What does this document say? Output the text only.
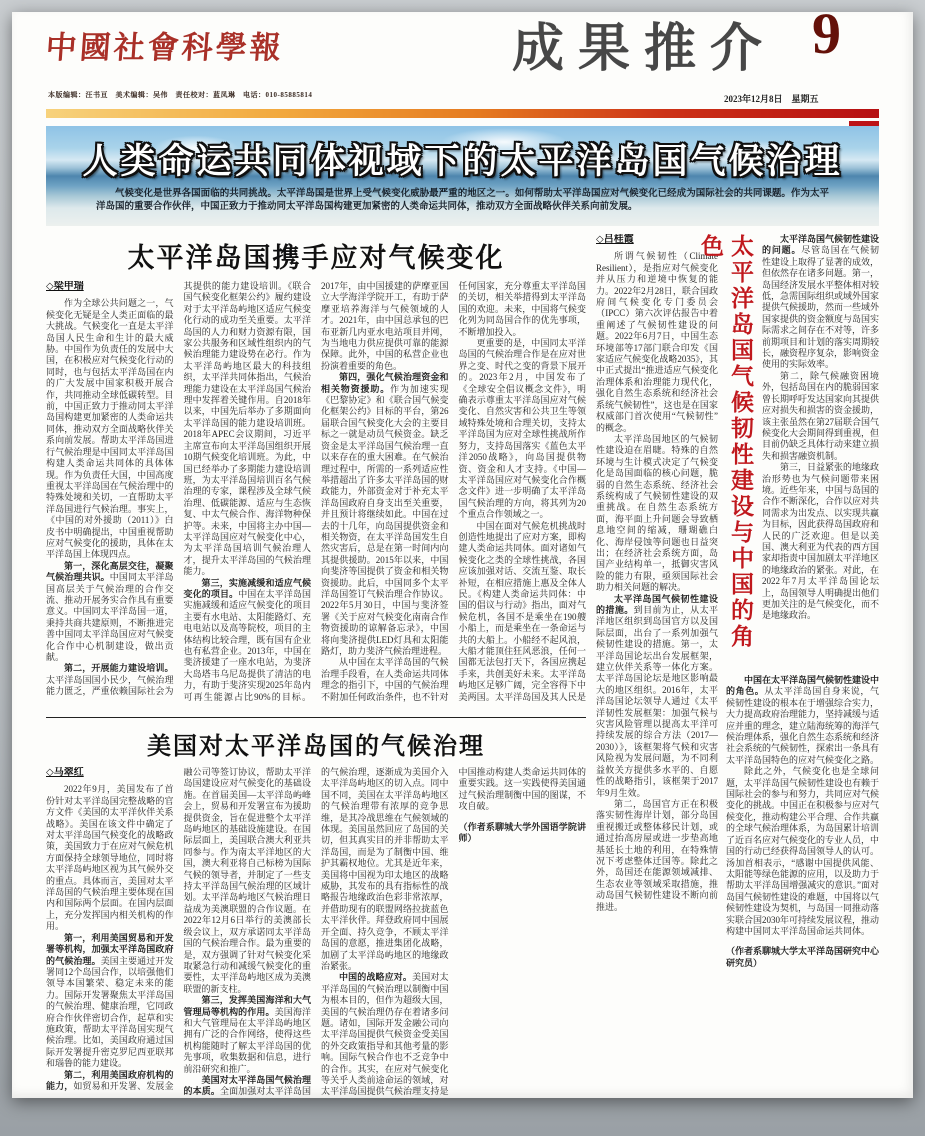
中國社會科學報
本版编辑：汪书亘　美术编辑：吴伟　责任校对：蓝凤琳　电话：010-85885814
成果推介 9
2023年12月8日　星期五
人类命运共同体视域下的太平洋岛国气候治理

气候变化是世界各国面临的共同挑战。太平洋岛国是世界上受气候变化威胁最严重的地区之一。如何帮助太平洋岛国应对气候变化已经成为国际社会的共同课题。作为太平洋岛国的重要合作伙伴，中国正致力于推动同太平洋岛国构建更加紧密的人类命运共同体，推动双方全面战略伙伴关系向前发展。

太平洋岛国携手应对气候变化

◇梁甲瑞

作为全球公共问题之一，气候变化无疑是全人类正面临的最大挑战。气候变化一直是太平洋岛国人民生命和生计的最大威胁。中国作为负责任的发展中大国，在积极应对气候变化行动的同时，也与包括太平洋岛国在内的广大发展中国家积极开展合作，共同推动全球低碳转型。目前，中国正致力于推动同太平洋岛国构建更加紧密的人类命运共同体，推动双方全面战略伙伴关系向前发展。帮助太平洋岛国进行气候治理是中国同太平洋岛国构建人类命运共同体的具体体现。作为负责任大国，中国高度重视太平洋岛国在气候治理中的特殊处境和关切，一直帮助太平洋岛国进行气候治理。事实上，《中国的对外援助（2011）》白皮书中明确提出，中国重视帮助应对气候变化的援助，具体在太平洋岛国上体现四点。

第一，深化高层交往，凝聚气候治理共识。中国同太平洋岛国高层关于气候治理的合作交流、推动开展务实合作具有重要意义。中国同太平洋岛国一道，秉持共商共建原则，不断推进完善中国同太平洋岛国应对气候变化合作中心机制建设，做出贡献。

第二，开展能力建设培训。太平洋岛国国小民少，气候治理能力匮乏，严重依赖国际社会为其提供的能力建设培训。《联合国气候变化框架公约》履约建设对于太平洋岛屿地区适应气候变化行动的成功至关重要。太平洋岛国的人力和财力资源有限，国家公共服务和区域性组织内的气候治理能力建设势在必行。作为太平洋岛屿地区最大的科技组织，太平洋共同体指出，气候治理能力建设在太平洋岛国气候治理中发挥着关键作用。自2018年以来，中国先后举办了多期面向太平洋岛国的能力建设培训班。2018年APEC会议期间，习近平主席宣布向太平洋岛国组织开展10期气候变化培训班。为此，中国已经举办了多期能力建设培训班，为太平洋岛国培训百名气候治理的专家，课程涉及全球气候治理、低碳能源、适应与生态恢复、中太气候合作、海洋物种保护等。未来，中国将主办中国—太平洋岛国应对气候变化中心，为太平洋岛国培训气候治理人才，提升太平洋岛国的气候治理能力。

第三，实施减缓和适应气候变化的项目。中国在太平洋岛国实施减缓和适应气候变化的项目主要有水电站、太阳能路灯、充电电站以及高等院校，项目的主体结构比较合理，既有国有企业也有私营企业。2013年，中国在斐济援建了一座水电站，为斐济大岛塔韦乌尼岛提供了清洁的电力，有助于斐济实现2025年岛内可再生能源占比90%的目标。2017年，由中国援建的萨摩亚国立大学海洋学院开工，有助于萨摩亚培养海洋与气候领域的人才。2021年，由中国总承包的巴布亚新几内亚水电站项目并网，为当地电力供应提供可靠的能源保障。此外，中国的私营企业也扮演着重要的角色。

第四，强化气候治理资金和相关物资援助。作为加速实现《巴黎协定》和《联合国气候变化框架公约》目标的平台，第26届联合国气候变化大会的主要目标之一就是动员气候资金。缺乏资金是太平洋岛国气候治理一直以来存在的重大困难。在气候治理过程中，所需的一系列适应性举措超出了许多太平洋岛国的财政能力，外部资金对于补充太平洋岛国政府自身支出至关重要，并且预计将继续如此。中国在过去的十几年，向岛国提供资金和相关物资，在太平洋岛国发生自然灾害后，总是在第一时间内向其提供援助。2015年以来，中国向斐济等国提供了资金和相关物资援助。此后，中国同多个太平洋岛国签订气候治理合作协议。2022年5月30日，中国与斐济签署《关于应对气候变化南南合作物资援助的谅解备忘录》，中国将向斐济提供LED灯具和太阳能路灯，助力斐济气候治理进程。

从中国在太平洋岛国的气候治理手段看，在人类命运共同体理念的指引下，中国的气候治理不附加任何政治条件，也不针对任何国家，充分尊重太平洋岛国的关切，相关举措得到太平洋岛国的欢迎。未来，中国将气候变化列为同岛国合作的优先事项，不断增加投入。

更重要的是，中国同太平洋岛国的气候治理合作是在应对世界之变、时代之变的背景下展开的。2023年2月，中国发布了《全球安全倡议概念文件》，明确表示尊重太平洋岛国应对气候变化、自然灾害和公共卫生等领域特殊处境和合理关切，支持太平洋岛国为应对全球性挑战所作努力，支持岛国落实《蓝色太平洋2050战略》，向岛国提供物资、资金和人才支持。《中国—太平洋岛国应对气候变化合作概念文件》进一步明确了太平洋岛国气候治理的方向，将其列为20个重点合作领域之一。

中国在面对气候危机挑战时创造性地提出了应对方案，即构建人类命运共同体。面对诸如气候变化之类的全球性挑战，各国应该加强对话、交流互鉴、取长补短，在相应措施上惠及全体人民。《构建人类命运共同体：中国的倡议与行动》指出，面对气候危机，各国不是乘坐在190艘小船上，而是乘坐在一条命运与共的大船上。小船经不起风浪，大船才能顶住狂风恶浪，任何一国都无法包打天下，各国应携起手来，共创美好未来。太平洋岛屿地区足够广阔，完全容得下中美两国。太平洋岛国及其人民是

美国对太平洋岛国的气候治理

◇马翠红

2022年9月，美国发布了首份针对太平洋岛国完整战略的官方文件《美国的太平洋伙伴关系战略》。美国在该文件中确定了对太平洋岛国气候变化的战略政策，美国致力于在应对气候危机方面保持全球领导地位，同时将太平洋岛屿地区视为其气候外交的重点。具体而言，美国对太平洋岛国的气候治理主要体现在国内和国际两个层面。在国内层面上，充分发挥国内相关机构的作用。

第一，利用美国贸易和开发署等机构，加强太平洋岛国政府的气候治理。美国主要通过开发署同12个岛国合作，以培强他们领导本国繁荣、稳定未来的能力。国际开发署聚焦太平洋岛国的气候治理、健康治理，它同政府合作伙伴密切合作，起草和实施政策，帮助太平洋岛国实现气候治理。比如，美国政府通过国际开发署提升密克罗尼西亚联邦和瑙鲁的能力建设。

第二，利用美国政府机构的能力，如贸易和开发署、发展金融公司等签订协议，帮助太平洋岛国建设应对气候变化的基础设施。在首届美国—太平洋岛屿峰会上，贸易和开发署宣布为援助提供资金，旨在促进整个太平洋岛屿地区的基础设施建设。在国际层面上，美国联合澳大利亚共同参与。作为南太平洋地区的大国，澳大利亚将自己标榜为国际气候的领导者，并制定了一些支持太平洋岛国气候治理的区域计划。太平洋岛屿地区气候治理日益成为美澳联盟的合作议题。在2022年12月6日举行的美澳部长级会议上，双方承诺同太平洋岛国的气候治理合作。最为重要的是，双方强调了针对气候变化采取紧急行动和减缓气候变化的重要性，太平洋岛屿地区成为美澳联盟的新支柱。

第三，发挥美国海洋和大气管理局等机构的作用。美国海洋和大气管理局在太平洋岛屿地区拥有广泛的合作网络，使得这些机构能随时了解太平洋岛国的优先事项，收集数据和信息，进行前沿研究和推广。

美国对太平洋岛国气候治理的本质。全面加强对太平洋岛国的气候治理，逐渐成为美国介入太平洋岛屿地区的切入点。同中国不同，美国在太平洋岛屿地区的气候治理带有浓厚的竞争思维，是其冷战思维在气候领域的体现。美国虽然回应了岛国的关切，但其真实目的并非帮助太平洋岛国，而是为了制衡中国、维护其霸权地位。尤其是近年来，美国将中国视为印太地区的战略威胁，其发布的具有指标性的战略报告地缘政治色彩非常浓厚，并借助现有的联盟网络拉拢蓝色太平洋伙伴。拜登政府同中国展开全面、持久竞争，不顾太平洋岛国的意愿，推进集团化战略，加剧了太平洋岛屿地区的地缘政治紧张。

中国的战略应对。美国对太平洋岛国的气候治理以制衡中国为根本目的，但作为超级大国，美国的气候治理仍存在着诸多问题。诸如，国际开发金融公司向太平洋岛国提供气候资金受美国的外交政策指导和其他考量的影响。国际气候合作也不乏竞争中的合作。其实，在应对气候变化等关乎人类前途命运的领域，对太平洋岛国提供气候治理支持是中国推动构建人类命运共同体的重要实践。这一实践使得美国通过气候治理制衡中国的图谋，不攻自破。

（作者系聊城大学外国语学院讲师）

◇吕桂霞

所谓气候韧性（Climate Resilient），是指应对气候变化并从压力和逆境中恢复的能力。2022年2月28日，联合国政府间气候变化专门委员会（IPCC）第六次评估报告中着重阐述了气候韧性建设的问题。2022年6月7日，中国生态环境部等17部门联合印发《国家适应气候变化战略2035》，其中正式提出“推进适应气候变化治理体系和治理能力现代化，强化自然生态系统和经济社会系统气候韧性”，这也是在国家权威部门首次使用“气候韧性”的概念。

太平洋岛国地区的气候韧性建设迫在眉睫。特殊的自然环境与生计模式决定了气候变化是岛国面临的核心问题，脆弱的自然生态系统、经济社会系统构成了气候韧性建设的双重挑战。在自然生态系统方面，海平面上升问题会导致栖息地空间的缩减，珊瑚礁白化、海岸侵蚀等问题也日益突出；在经济社会系统方面，岛国产业结构单一，抵御灾害风险的能力有限，亟须国际社会助力相关问题的解决。

太平洋岛国气候韧性建设的措施。到目前为止，从太平洋地区组织到岛国官方以及国际层面，出台了一系列加强气候韧性建设的措施。第一，太平洋岛国论坛出台发展框架，建立伙伴关系等一体化方案。太平洋岛国论坛是地区影响最大的地区组织。2016年，太平洋岛国论坛领导人通过《太平洋韧性发展框架：加强气候与灾害风险管理以提高太平洋可持续发展的综合方法（2017—2030）》，该框架将气候和灾害风险视为发展问题，为不同利益攸关方提供多水平的、自愿性的战略指引，该框架于2017年9月生效。

第二，岛国官方正在积极落实韧性海岸计划，部分岛国重视搬迁或整体移民计划，或通过抬高房屋或进一步垫高地基延长土地的利用，在特殊情况下考虑整体迁国等。除此之外，岛国还在能源领域减排、生态农业等领域采取措施，推动岛国气候韧性建设不断向前推进。

太平洋岛国气候韧性建设与中国的角色	太平洋岛国气候韧性建设的问题。尽管岛国在气候韧性建设上取得了显著的成效，但依然存在诸多问题。第一，岛国经济发展水平整体相对较低，急需国际组织或域外国家提供气候援助，然而一些域外国家提供的资金额度与岛国实际需求之间存在不对等，许多前期项目和计划的落实周期较长，融资程序复杂，影响资金使用的实际效率。

第二，除气候融资困境外，包括岛国在内的脆弱国家曾长期呼吁发达国家向其提供应对损失和损害的资金援助，该主张虽然在第27届联合国气候变化大会期间得到重视，但目前仍缺乏具体行动来建立损失和损害融资机制。

第三，日益紧张的地缘政治形势也为气候问题带来困境。近些年来，中国与岛国的合作不断深化，合作以应对共同需求为出发点、以实现共赢为目标，因此获得岛国政府和人民的广泛欢迎。但是以美国、澳大利亚为代表的西方国家却指责中国加剧太平洋地区的地缘政治的紧张。对此，在2022年7月太平洋岛国论坛上，岛国领导人明确提出他们更加关注的是气候变化，而不是地缘政治。

中国在太平洋岛国气候韧性建设中的角色。从太平洋岛国自身来说，气候韧性建设的根本在于增强综合实力，大力提高政府治理能力，坚持减缓与适应并重的理念，建立陆海统筹的海洋气候治理体系，强化自然生态系统和经济社会系统的气候韧性，探索出一条具有太平洋岛国特色的应对气候变化之路。

除此之外，气候变化也是全球问题，太平洋岛国气候韧性建设也有赖于国际社会的参与和努力，共同应对气候变化的挑战。中国正在积极参与应对气候变化，推动构建公平合理、合作共赢的全球气候治理体系，为岛国累计培训了近百名应对气候变化的专业人员，中国的行动已经获得岛国领导人的认可。汤加首相表示，“感谢中国提供风能、太阳能等绿色能源的应用，以及助力于帮助太平洋岛国增强减灾的意识。”面对岛国气候韧性建设的难题，中国将以气候韧性建设为契机，与岛国一同推动落实联合国2030年可持续发展议程，推动构建中国同太平洋岛国命运共同体。

（作者系聊城大学太平洋岛国研究中心研究员）
